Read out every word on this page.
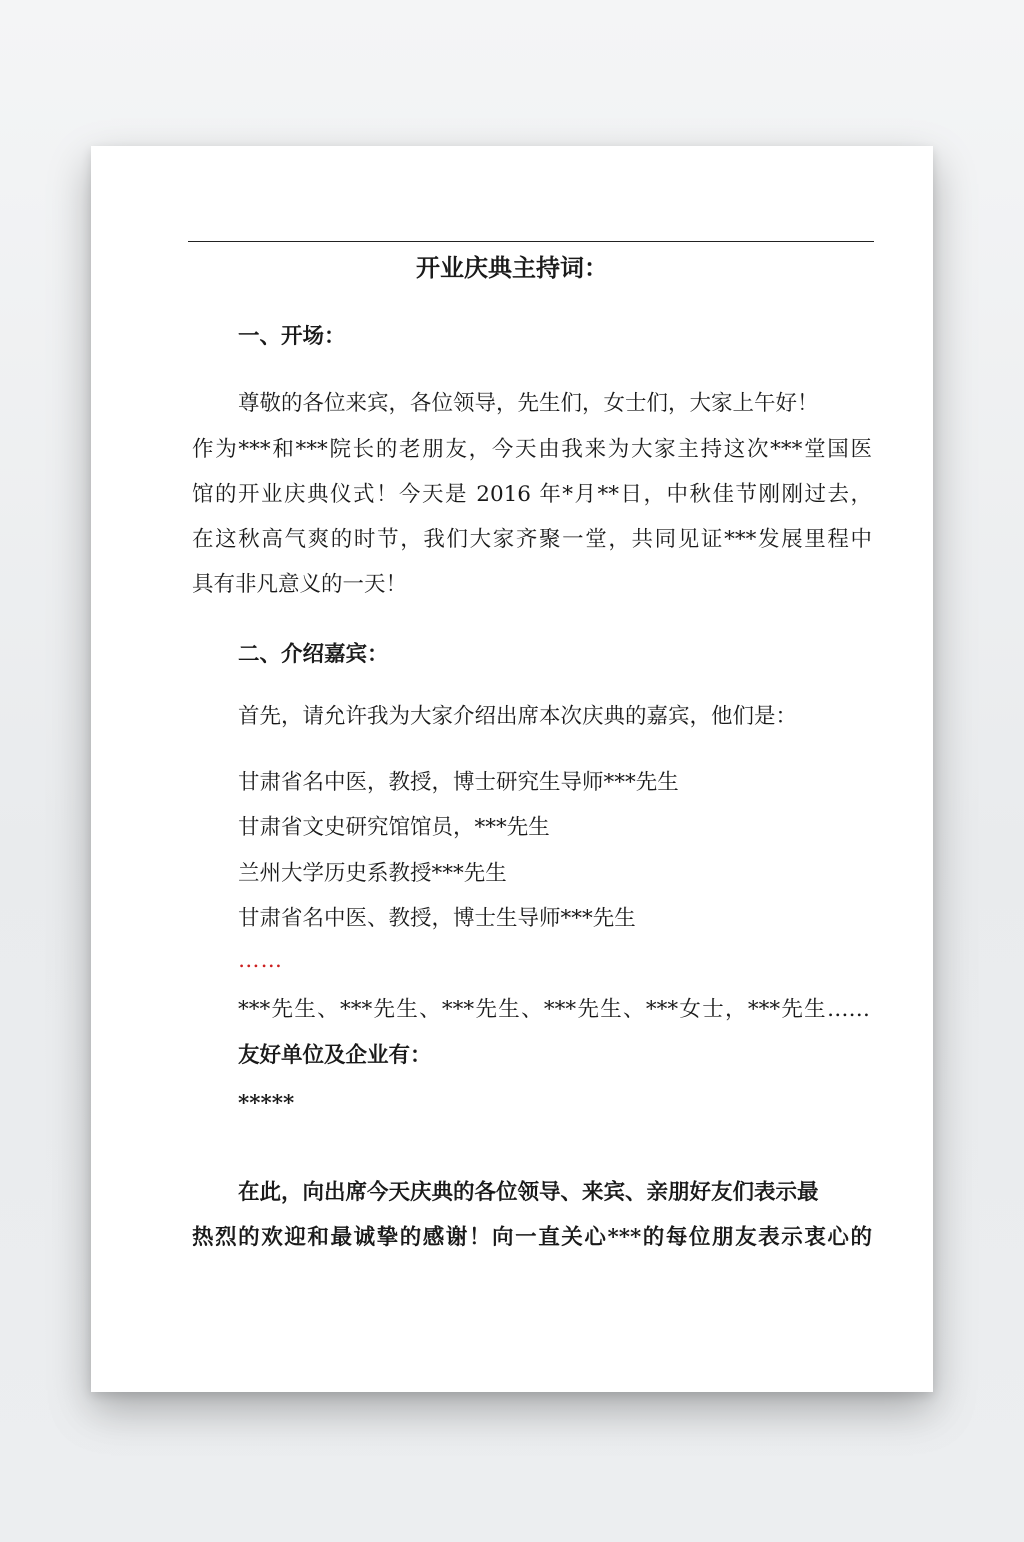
开业庆典主持词：
一、开场：
尊敬的各位来宾，各位领导，先生们，女士们，大家上午好！
作为***和***院长的老朋友，今天由我来为大家主持这次***堂国医
馆的开业庆典仪式！今天是 2016 年*月**日，中秋佳节刚刚过去，
在这秋高气爽的时节，我们大家齐聚一堂，共同见证***发展里程中
具有非凡意义的一天！
二、介绍嘉宾：
首先，请允许我为大家介绍出席本次庆典的嘉宾，他们是：
甘肃省名中医，教授，博士研究生导师***先生
甘肃省文史研究馆馆员，***先生
兰州大学历史系教授***先生
甘肃省名中医、教授，博士生导师***先生
……
***先生、***先生、***先生、***先生、***女士，***先生……
友好单位及企业有：
*****
在此，向出席今天庆典的各位领导、来宾、亲朋好友们表示最
热烈的欢迎和最诚挚的感谢！向一直关心***的每位朋友表示衷心的
